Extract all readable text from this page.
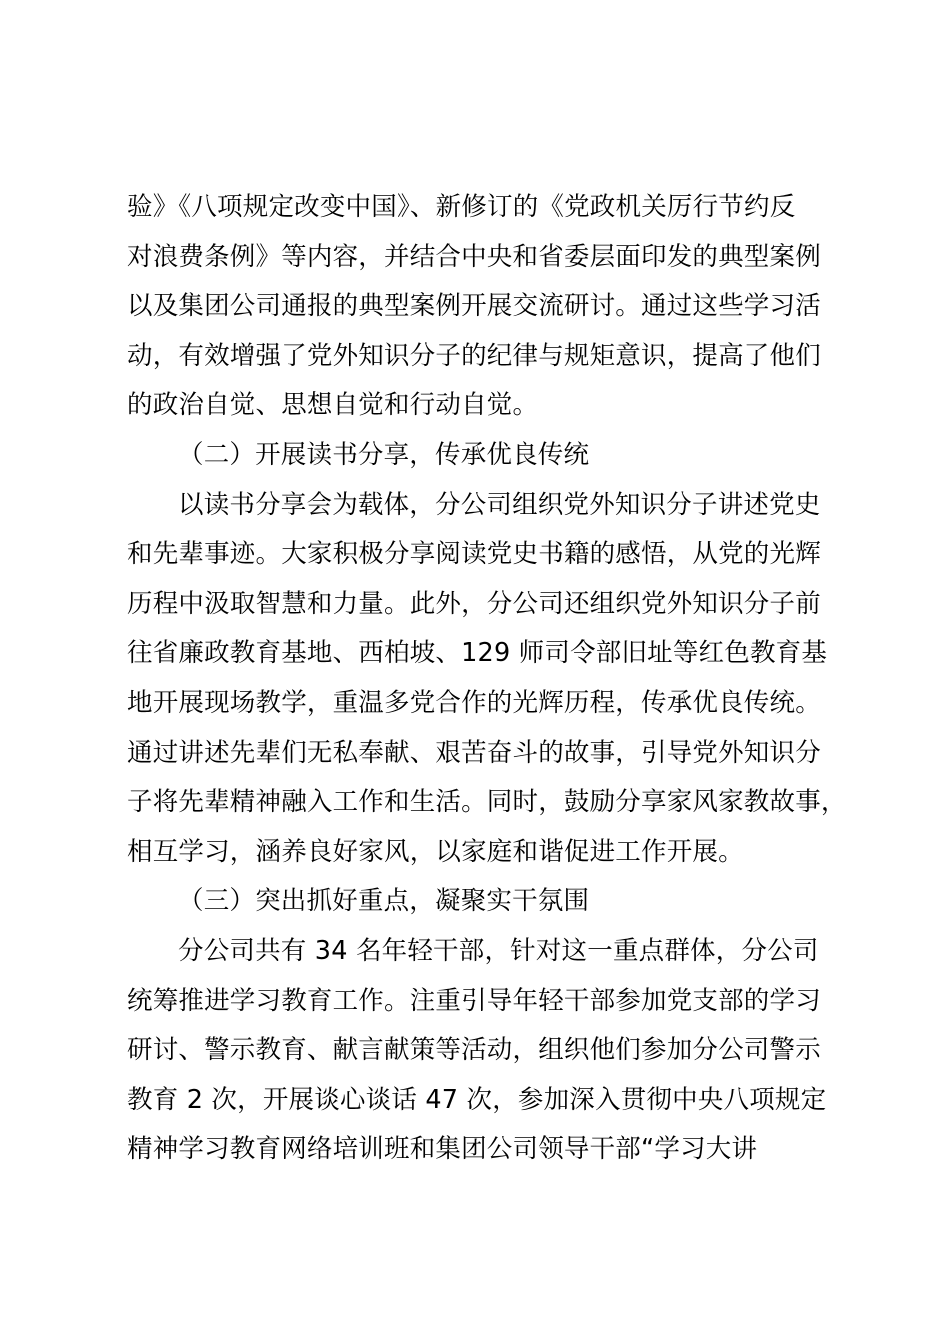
验》《八项规定改变中国》、新修订的《党政机关厉行节约反
对浪费条例》等内容，并结合中央和省委层面印发的典型案例
以及集团公司通报的典型案例开展交流研讨。通过这些学习活
动，有效增强了党外知识分子的纪律与规矩意识，提高了他们
的政治自觉、思想自觉和行动自觉。
（二）开展读书分享，传承优良传统
以读书分享会为载体，分公司组织党外知识分子讲述党史
和先辈事迹。大家积极分享阅读党史书籍的感悟，从党的光辉
历程中汲取智慧和力量。此外，分公司还组织党外知识分子前
往省廉政教育基地、西柏坡、129 师司令部旧址等红色教育基
地开展现场教学，重温多党合作的光辉历程，传承优良传统。
通过讲述先辈们无私奉献、艰苦奋斗的故事，引导党外知识分
子将先辈精神融入工作和生活。同时，鼓励分享家风家教故事，
相互学习，涵养良好家风，以家庭和谐促进工作开展。
（三）突出抓好重点，凝聚实干氛围
分公司共有 34 名年轻干部，针对这一重点群体，分公司
统筹推进学习教育工作。注重引导年轻干部参加党支部的学习
研讨、警示教育、献言献策等活动，组织他们参加分公司警示
教育 2 次，开展谈心谈话 47 次，参加深入贯彻中央八项规定
精神学习教育网络培训班和集团公司领导干部“学习大讲
